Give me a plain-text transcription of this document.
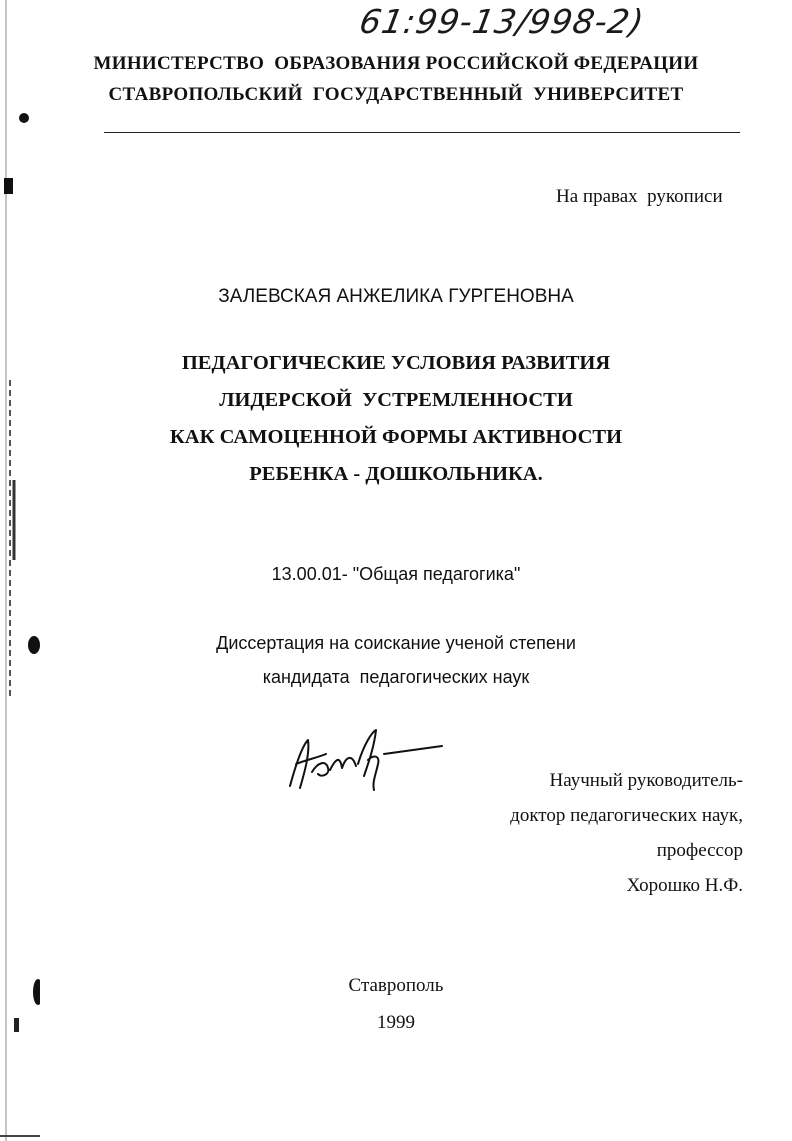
61:99-13/998-2)
МИНИСТЕРСТВО  ОБРАЗОВАНИЯ РОССИЙСКОЙ ФЕДЕРАЦИИ
СТАВРОПОЛЬСКИЙ  ГОСУДАРСТВЕННЫЙ  УНИВЕРСИТЕТ
На правах  рукописи
ЗАЛЕВСКАЯ АНЖЕЛИКА ГУРГЕНОВНА
ПЕДАГОГИЧЕСКИЕ УСЛОВИЯ РАЗВИТИЯ
ЛИДЕРСКОЙ  УСТРЕМЛЕННОСТИ
КАК САМОЦЕННОЙ ФОРМЫ АКТИВНОСТИ
РЕБЕНКА - ДОШКОЛЬНИКА.
13.00.01- "Общая педагогика"
Диссертация на соискание ученой степени
кандидата  педагогических наук
Научный руководитель-
доктор педагогических наук,
профессор
Хорошко Н.Ф.
Ставрополь
1999
